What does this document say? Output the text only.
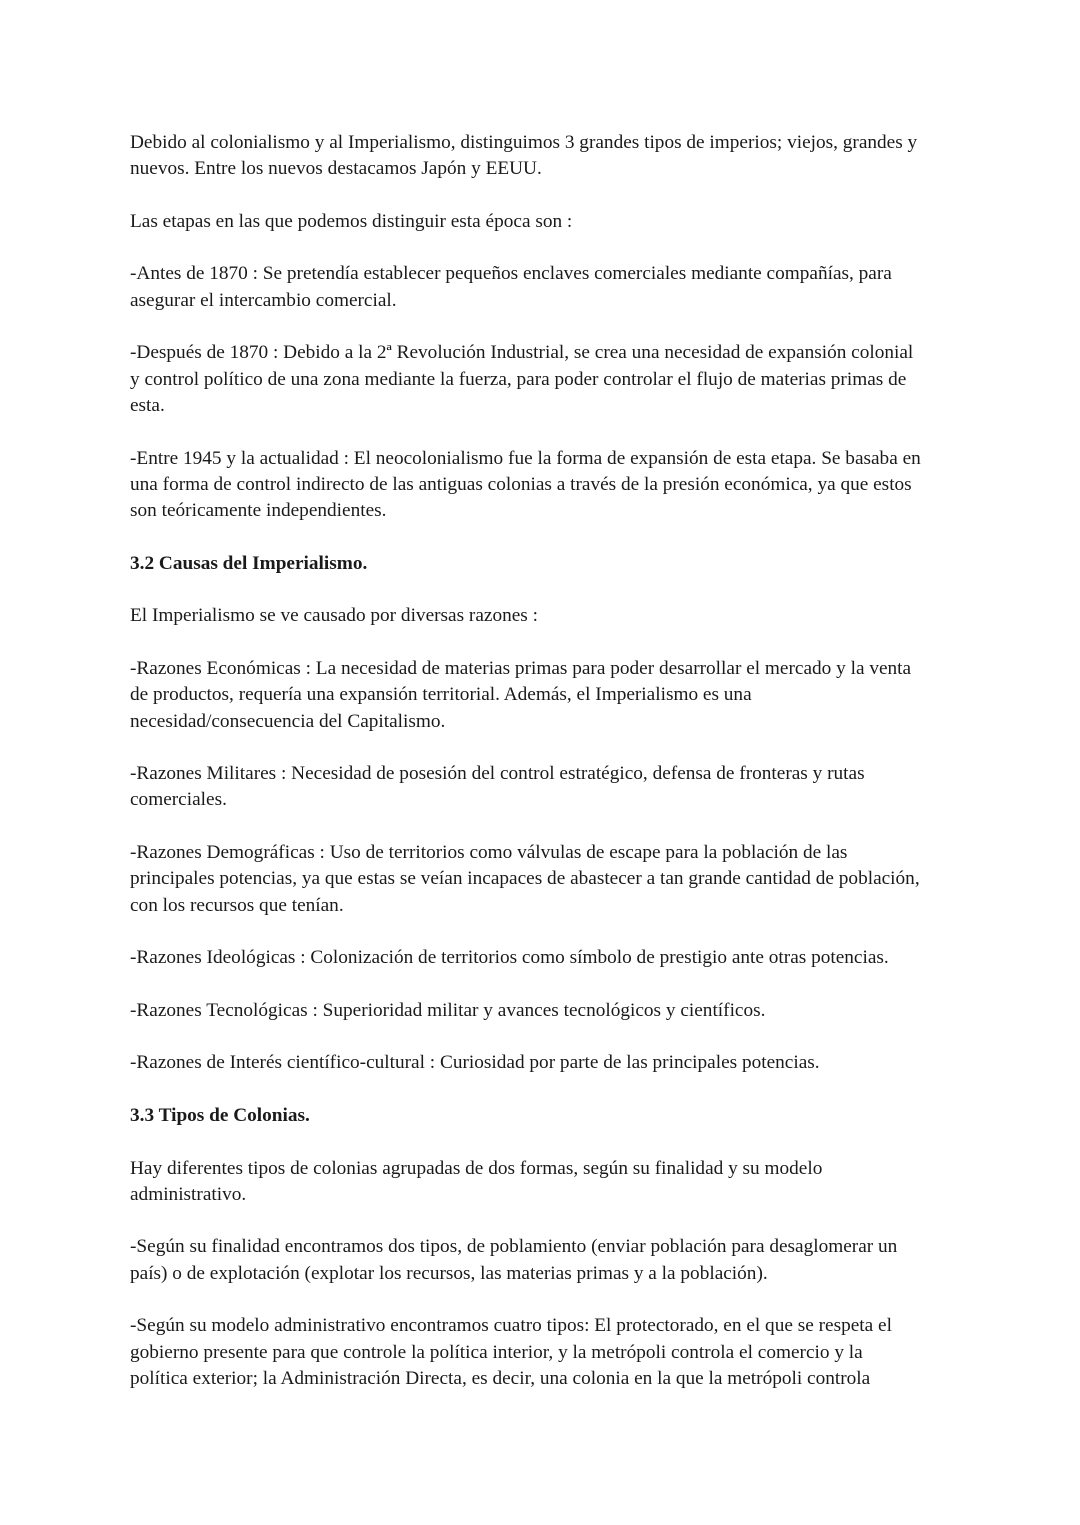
Debido al colonialismo y al Imperialismo, distinguimos 3 grandes tipos de imperios; viejos, grandes y
nuevos. Entre los nuevos destacamos Japón y EEUU.

Las etapas en las que podemos distinguir esta época son :

-Antes de 1870 : Se pretendía establecer pequeños enclaves comerciales mediante compañías, para
asegurar el intercambio comercial.

-Después de 1870 : Debido a la 2ª Revolución Industrial, se crea una necesidad de expansión colonial
y control político de una zona mediante la fuerza, para poder controlar el flujo de materias primas de
esta.

-Entre 1945 y la actualidad : El neocolonialismo fue la forma de expansión de esta etapa. Se basaba en
una forma de control indirecto de las antiguas colonias a través de la presión económica, ya que estos
son teóricamente independientes.

3.2 Causas del Imperialismo.

El Imperialismo se ve causado por diversas razones :

-Razones Económicas : La necesidad de materias primas para poder desarrollar el mercado y la venta
de productos, requería una expansión territorial. Además, el Imperialismo es una
necesidad/consecuencia del Capitalismo.

-Razones Militares : Necesidad de posesión del control estratégico, defensa de fronteras y rutas
comerciales.

-Razones Demográficas : Uso de territorios como válvulas de escape para la población de las
principales potencias, ya que estas se veían incapaces de abastecer a tan grande cantidad de población,
con los recursos que tenían.

-Razones Ideológicas : Colonización de territorios como símbolo de prestigio ante otras potencias.

-Razones Tecnológicas : Superioridad militar y avances tecnológicos y científicos.

-Razones de Interés científico-cultural : Curiosidad por parte de las principales potencias.

3.3 Tipos de Colonias.

Hay diferentes tipos de colonias agrupadas de dos formas, según su finalidad y su modelo
administrativo.

-Según su finalidad encontramos dos tipos, de poblamiento (enviar población para desaglomerar un
país) o de explotación (explotar los recursos, las materias primas y a la población).

-Según su modelo administrativo encontramos cuatro tipos: El protectorado, en el que se respeta el
gobierno presente para que controle la política interior, y la metrópoli controla el comercio y la
política exterior; la Administración Directa, es decir, una colonia en la que la metrópoli controla
